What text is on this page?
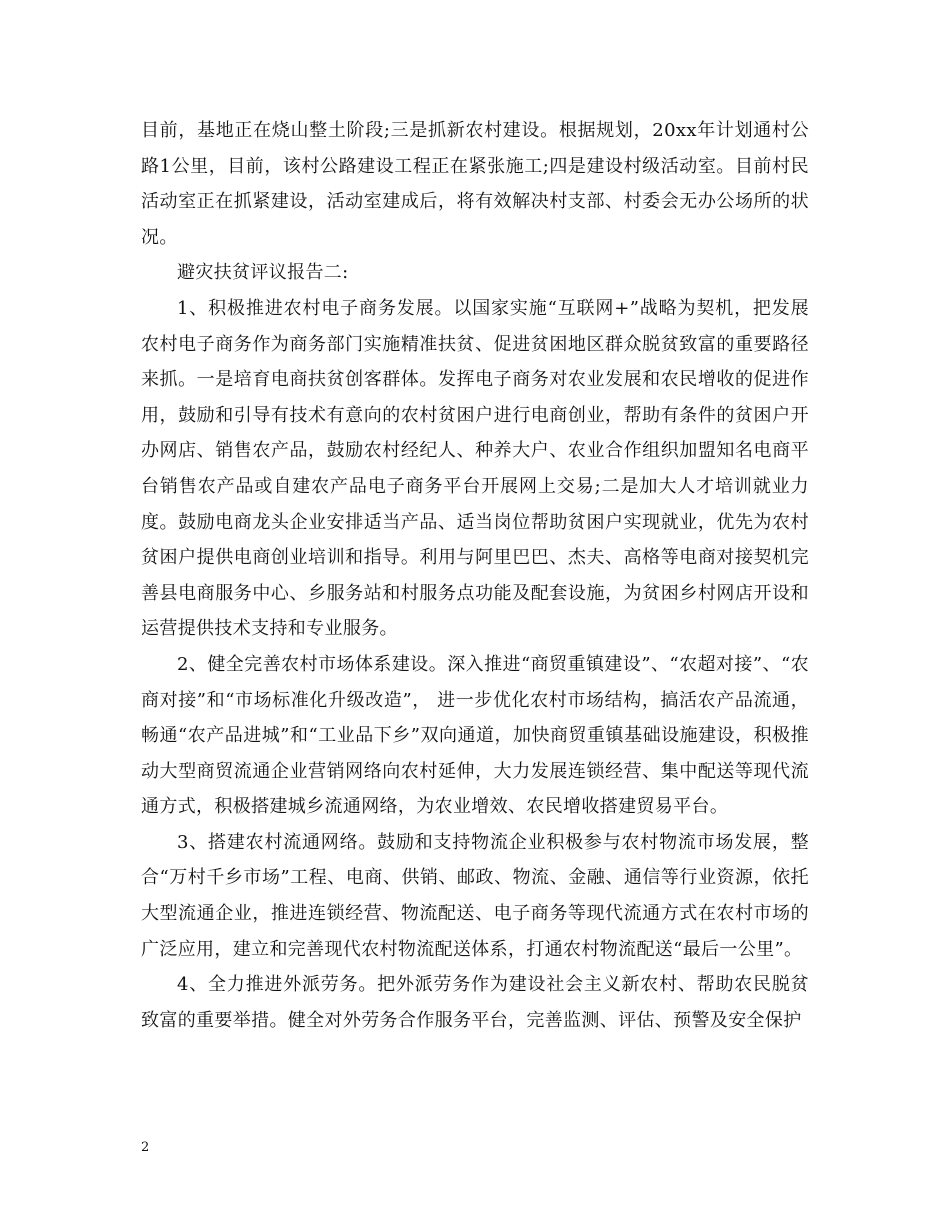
目前，基地正在烧山整土阶段;三是抓新农村建设。根据规划，20xx年计划通村公路1公里，目前，该村公路建设工程正在紧张施工;四是建设村级活动室。目前村民活动室正在抓紧建设，活动室建成后，将有效解决村支部、村委会无办公场所的状况。

避灾扶贫评议报告二:

1、积极推进农村电子商务发展。以国家实施“互联网+”战略为契机，把发展农村电子商务作为商务部门实施精准扶贫、促进贫困地区群众脱贫致富的重要路径来抓。一是培育电商扶贫创客群体。发挥电子商务对农业发展和农民增收的促进作用，鼓励和引导有技术有意向的农村贫困户进行电商创业，帮助有条件的贫困户开办网店、销售农产品，鼓励农村经纪人、种养大户、农业合作组织加盟知名电商平台销售农产品或自建农产品电子商务平台开展网上交易;二是加大人才培训就业力度。鼓励电商龙头企业安排适当产品、适当岗位帮助贫困户实现就业，优先为农村贫困户提供电商创业培训和指导。利用与阿里巴巴、杰夫、高格等电商对接契机完善县电商服务中心、乡服务站和村服务点功能及配套设施，为贫困乡村网店开设和运营提供技术支持和专业服务。

2、健全完善农村市场体系建设。深入推进“商贸重镇建设”、“农超对接”、“农商对接”和“市场标准化升级改造”， 进一步优化农村市场结构，搞活农产品流通，畅通“农产品进城”和“工业品下乡”双向通道，加快商贸重镇基础设施建设，积极推动大型商贸流通企业营销网络向农村延伸，大力发展连锁经营、集中配送等现代流通方式，积极搭建城乡流通网络，为农业增效、农民增收搭建贸易平台。

3、搭建农村流通网络。鼓励和支持物流企业积极参与农村物流市场发展，整合“万村千乡市场”工程、电商、供销、邮政、物流、金融、通信等行业资源，依托大型流通企业，推进连锁经营、物流配送、电子商务等现代流通方式在农村市场的广泛应用，建立和完善现代农村物流配送体系，打通农村物流配送“最后一公里”。

4、全力推进外派劳务。把外派劳务作为建设社会主义新农村、帮助农民脱贫致富的重要举措。健全对外劳务合作服务平台，完善监测、评估、预警及安全保护

2
